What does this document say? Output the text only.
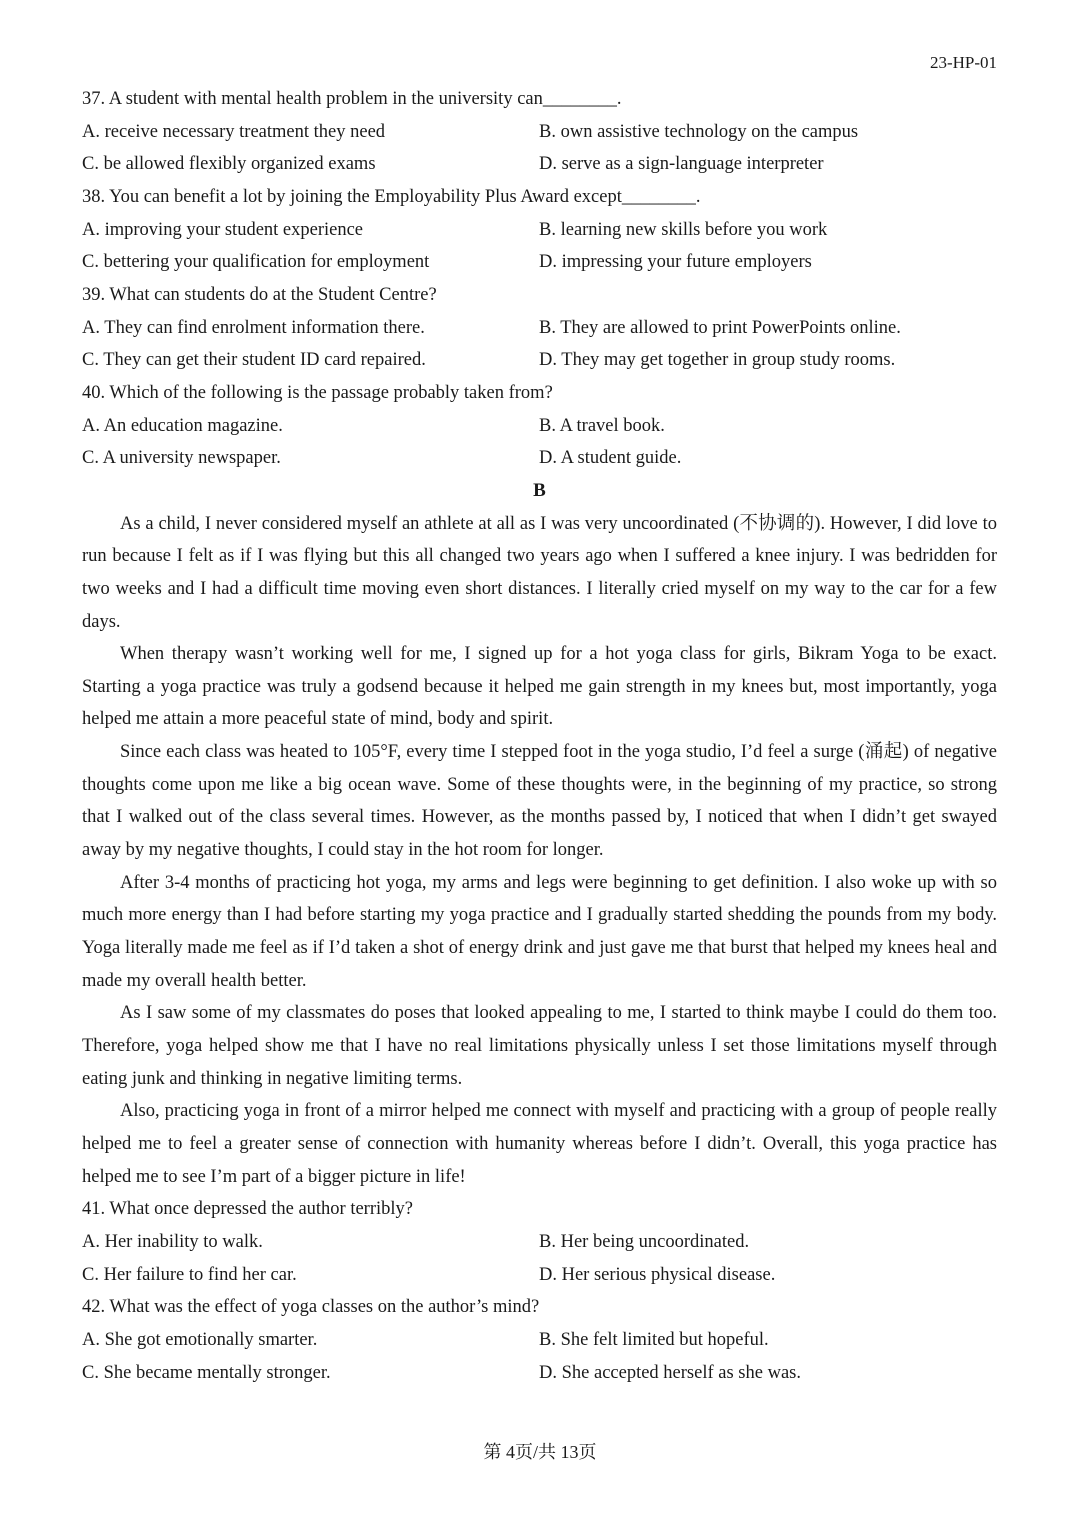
23-HP-01
37. A student with mental health problem in the university can________.
A. receive necessary treatment they need	B. own assistive technology on the campus
C. be allowed flexibly organized exams	D. serve as a sign-language interpreter
38. You can benefit a lot by joining the Employability Plus Award except________.
A. improving your student experience	B. learning new skills before you work
C. bettering your qualification for employment	D. impressing your future employers
39. What can students do at the Student Centre?
A. They can find enrolment information there.	B. They are allowed to print PowerPoints online.
C. They can get their student ID card repaired.	D. They may get together in group study rooms.
40. Which of the following is the passage probably taken from?
A. An education magazine.	B. A travel book.
C. A university newspaper.	D. A student guide.
B

As a child, I never considered myself an athlete at all as I was very uncoordinated (不协调的). However, I did love to run because I felt as if I was flying but this all changed two years ago when I suffered a knee injury. I was bedridden for two weeks and I had a difficult time moving even short distances. I literally cried myself on my way to the car for a few days.

When therapy wasn’t working well for me, I signed up for a hot yoga class for girls, Bikram Yoga to be exact. Starting a yoga practice was truly a godsend because it helped me gain strength in my knees but, most importantly, yoga helped me attain a more peaceful state of mind, body and spirit.

Since each class was heated to 105°F, every time I stepped foot in the yoga studio, I’d feel a surge (涌起) of negative thoughts come upon me like a big ocean wave. Some of these thoughts were, in the beginning of my practice, so strong that I walked out of the class several times. However, as the months passed by, I noticed that when I didn’t get swayed away by my negative thoughts, I could stay in the hot room for longer.

After 3-4 months of practicing hot yoga, my arms and legs were beginning to get definition. I also woke up with so much more energy than I had before starting my yoga practice and I gradually started shedding the pounds from my body. Yoga literally made me feel as if I’d taken a shot of energy drink and just gave me that burst that helped my knees heal and made my overall health better.

As I saw some of my classmates do poses that looked appealing to me, I started to think maybe I could do them too. Therefore, yoga helped show me that I have no real limitations physically unless I set those limitations myself through eating junk and thinking in negative limiting terms.

Also, practicing yoga in front of a mirror helped me connect with myself and practicing with a group of people really helped me to feel a greater sense of connection with humanity whereas before I didn’t. Overall, this yoga practice has helped me to see I’m part of a bigger picture in life!

41. What once depressed the author terribly?
A. Her inability to walk.	B. Her being uncoordinated.
C. Her failure to find her car.	D. Her serious physical disease.
42. What was the effect of yoga classes on the author’s mind?
A. She got emotionally smarter.	B. She felt limited but hopeful.
C. She became mentally stronger.	D. She accepted herself as she was.
第 4页/共 13页
